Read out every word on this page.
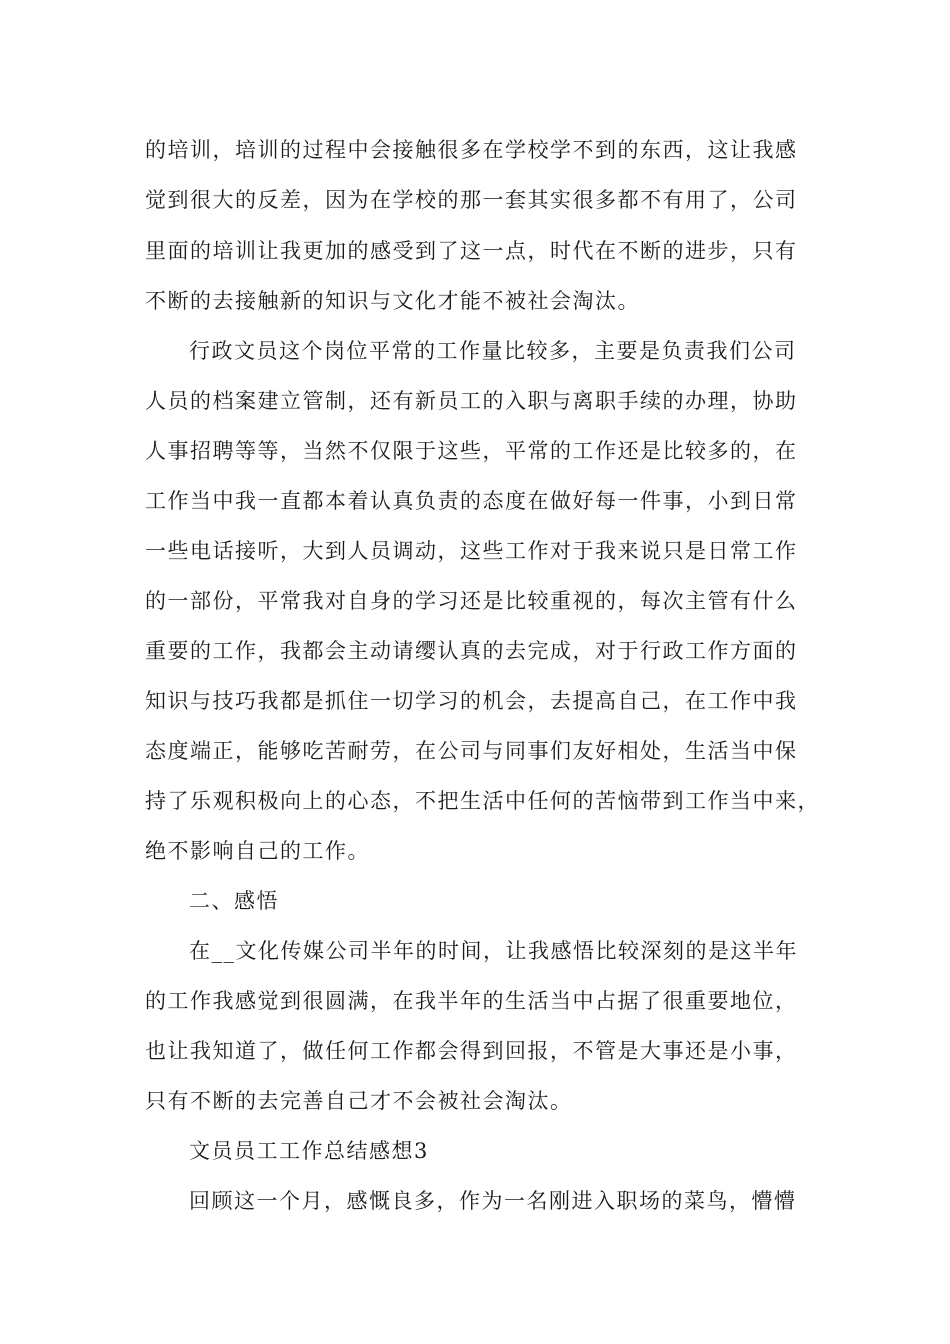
的培训，培训的过程中会接触很多在学校学不到的东西，这让我感
觉到很大的反差，因为在学校的那一套其实很多都不有用了，公司
里面的培训让我更加的感受到了这一点，时代在不断的进步，只有
不断的去接触新的知识与文化才能不被社会淘汰。
行政文员这个岗位平常的工作量比较多，主要是负责我们公司
人员的档案建立管制，还有新员工的入职与离职手续的办理，协助
人事招聘等等，当然不仅限于这些，平常的工作还是比较多的，在
工作当中我一直都本着认真负责的态度在做好每一件事，小到日常
一些电话接听，大到人员调动，这些工作对于我来说只是日常工作
的一部份，平常我对自身的学习还是比较重视的，每次主管有什么
重要的工作，我都会主动请缨认真的去完成，对于行政工作方面的
知识与技巧我都是抓住一切学习的机会，去提高自己，在工作中我
态度端正，能够吃苦耐劳，在公司与同事们友好相处，生活当中保
持了乐观积极向上的心态，不把生活中任何的苦恼带到工作当中来，
绝不影响自己的工作。
二、感悟
在__文化传媒公司半年的时间，让我感悟比较深刻的是这半年
的工作我感觉到很圆满，在我半年的生活当中占据了很重要地位，
也让我知道了，做任何工作都会得到回报，不管是大事还是小事，
只有不断的去完善自己才不会被社会淘汰。
文员员工工作总结感想3
回顾这一个月，感慨良多，作为一名刚进入职场的菜鸟，懵懵
